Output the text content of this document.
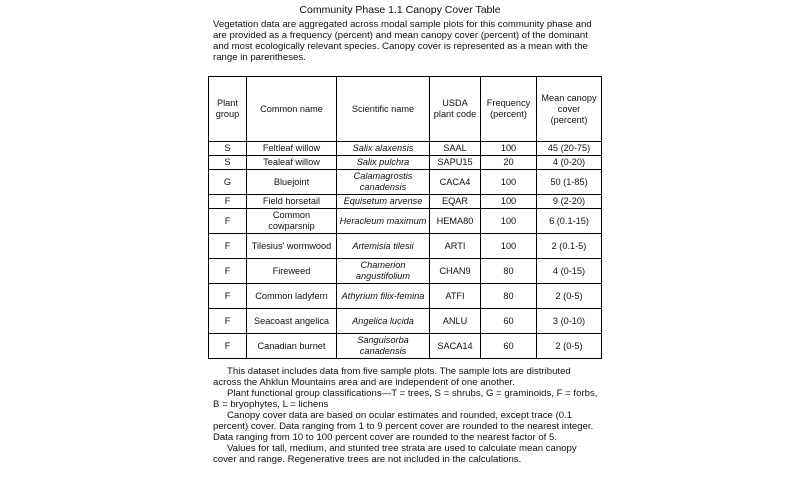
Community Phase 1.1 Canopy Cover Table
Vegetation data are aggregated across modal sample plots for this community phase and are provided as a frequency (percent) and mean canopy cover (percent) of the dominant and most ecologically relevant species. Canopy cover is represented as a mean with the range in parentheses.
Plant group	Common name	Scientific name	USDA plant code	Frequency (percent)	Mean canopy cover (percent)
S	Feltleaf willow	Salix alaxensis	SAAL	100	45 (20-75)
S	Tealeaf willow	Salix pulchra	SAPU15	20	4 (0-20)
G	Bluejoint	Calamagrostis canadensis	CACA4	100	50 (1-85)
F	Field horsetail	Equisetum arvense	EQAR	100	9 (2-20)
F	Common cowparsnip	Heracleum maximum	HEMA80	100	6 (0.1-15)
F	Tilesius' wormwood	Artemisia tilesii	ARTI	100	2 (0.1-5)
F	Fireweed	Chamerion angustifolium	CHAN9	80	4 (0-15)
F	Common ladyfern	Athyrium filix-femina	ATFI	80	2 (0-5)
F	Seacoast angelica	Angelica lucida	ANLU	60	3 (0-10)
F	Canadian burnet	Sanguisorba canadensis	SACA14	60	2 (0-5)

This dataset includes data from five sample plots. The sample lots are distributed across the Ahklun Mountains area and are independent of one another.

Plant functional group classifications—T = trees, S = shrubs, G = graminoids, F = forbs, B = bryophytes, L = lichens

Canopy cover data are based on ocular estimates and rounded, except trace (0.1 percent) cover. Data ranging from 1 to 9 percent cover are rounded to the nearest integer. Data ranging from 10 to 100 percent cover are rounded to the nearest factor of 5.

Values for tall, medium, and stunted tree strata are used to calculate mean canopy cover and range. Regenerative trees are not included in the calculations.
